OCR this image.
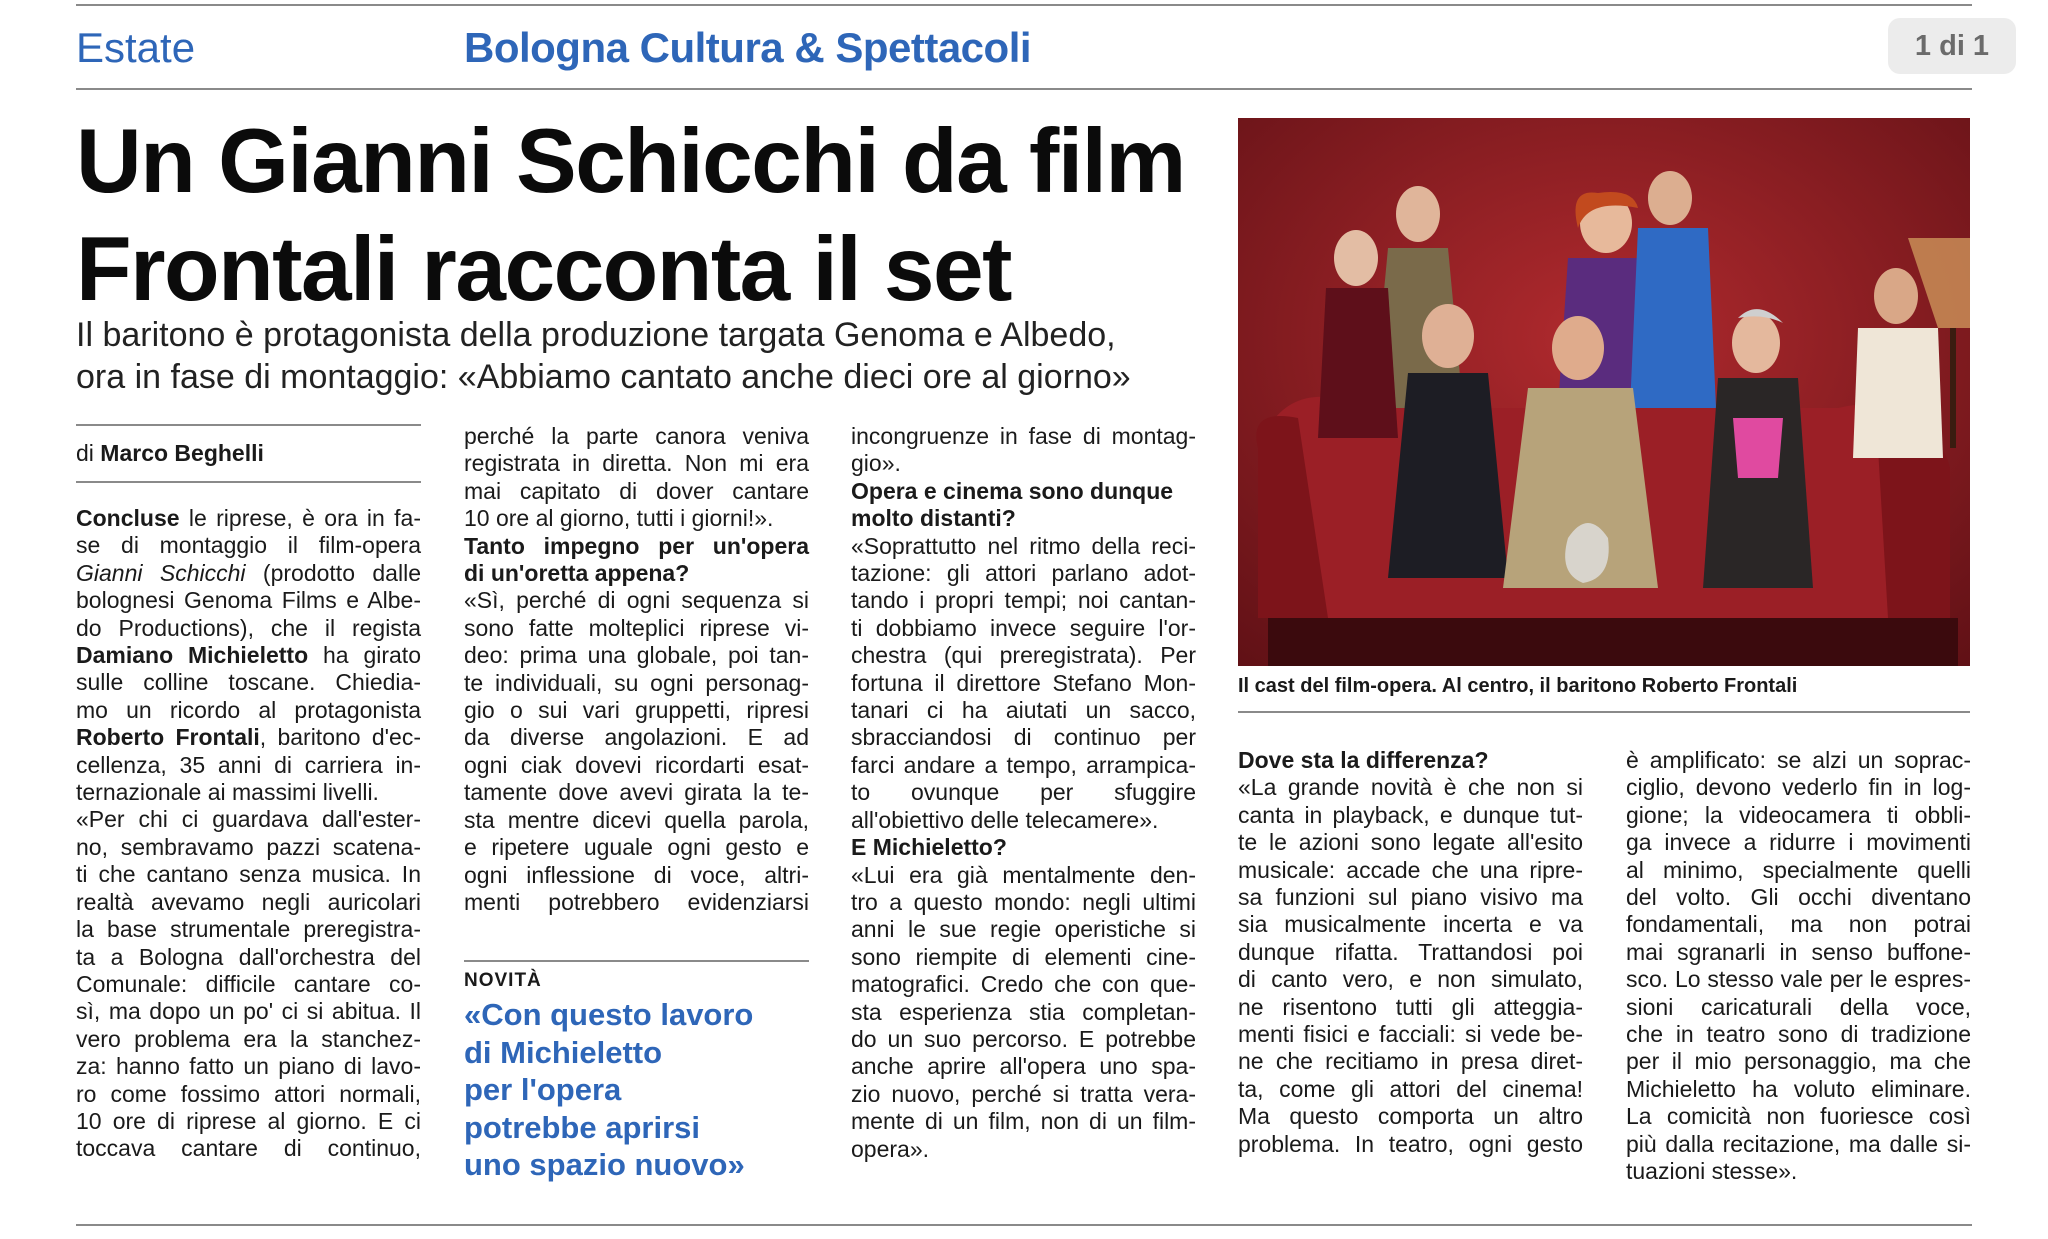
Estate	Bologna Cultura & Spettacoli	1 di 1
Un Gianni Schicchi da film
Frontali racconta il set
Il baritono è protagonista della produzione targata Genoma e Albedo,
ora in fase di montaggio: «Abbiamo cantato anche dieci ore al giorno»
di Marco Beghelli
Concluse le riprese, è ora in fa-
se di montaggio il film-opera
Gianni Schicchi (prodotto dalle
bolognesi Genoma Films e Albe-
do Productions), che il regista
Damiano Michieletto ha girato
sulle colline toscane. Chiedia-
mo un ricordo al protagonista
Roberto Frontali, baritono d'ec-
cellenza, 35 anni di carriera in-
ternazionale ai massimi livelli.
«Per chi ci guardava dall'ester-
no, sembravamo pazzi scatena-
ti che cantano senza musica. In
realtà avevamo negli auricolari
la base strumentale preregistra-
ta a Bologna dall'orchestra del
Comunale: difficile cantare co-
sì, ma dopo un po' ci si abitua. Il
vero problema era la stanchez-
za: hanno fatto un piano di lavo-
ro come fossimo attori normali,
10 ore di riprese al giorno. E ci
toccava cantare di continuo,
perché la parte canora veniva
registrata in diretta. Non mi era
mai capitato di dover cantare
10 ore al giorno, tutti i giorni!».
Tanto impegno per un'opera
di un'oretta appena?
«Sì, perché di ogni sequenza si
sono fatte molteplici riprese vi-
deo: prima una globale, poi tan-
te individuali, su ogni personag-
gio o sui vari gruppetti, ripresi
da diverse angolazioni. E ad
ogni ciak dovevi ricordarti esat-
tamente dove avevi girata la te-
sta mentre dicevi quella parola,
e ripetere uguale ogni gesto e
ogni inflessione di voce, altri-
menti potrebbero evidenziarsi
incongruenze in fase di montag-
gio».
Opera e cinema sono dunque
molto distanti?
«Soprattutto nel ritmo della reci-
tazione: gli attori parlano adot-
tando i propri tempi; noi cantan-
ti dobbiamo invece seguire l'or-
chestra (qui preregistrata). Per
fortuna il direttore Stefano Mon-
tanari ci ha aiutati un sacco,
sbracciandosi di continuo per
farci andare a tempo, arrampica-
to ovunque per sfuggire
all'obiettivo delle telecamere».
E Michieletto?
«Lui era già mentalmente den-
tro a questo mondo: negli ultimi
anni le sue regie operistiche si
sono riempite di elementi cine-
matografici. Credo che con que-
sta esperienza stia completan-
do un suo percorso. E potrebbe
anche aprire all'opera uno spa-
zio nuovo, perché si tratta vera-
mente di un film, non di un film-
opera».
Dove sta la differenza?
«La grande novità è che non si
canta in playback, e dunque tut-
te le azioni sono legate all'esito
musicale: accade che una ripre-
sa funzioni sul piano visivo ma
sia musicalmente incerta e va
dunque rifatta. Trattandosi poi
di canto vero, e non simulato,
ne risentono tutti gli atteggia-
menti fisici e facciali: si vede be-
ne che recitiamo in presa diret-
ta, come gli attori del cinema!
Ma questo comporta un altro
problema. In teatro, ogni gesto
è amplificato: se alzi un soprac-
ciglio, devono vederlo fin in log-
gione; la videocamera ti obbli-
ga invece a ridurre i movimenti
al minimo, specialmente quelli
del volto. Gli occhi diventano
fondamentali, ma non potrai
mai sgranarli in senso buffone-
sco. Lo stesso vale per le espres-
sioni caricaturali della voce,
che in teatro sono di tradizione
per il mio personaggio, ma che
Michieletto ha voluto eliminare.
La comicità non fuoriesce così
più dalla recitazione, ma dalle si-
tuazioni stesse».
Il cast del film-opera. Al centro, il baritono Roberto Frontali
NOVITÀ
«Con questo lavoro
di Michieletto
per l'opera
potrebbe aprirsi
uno spazio nuovo»
